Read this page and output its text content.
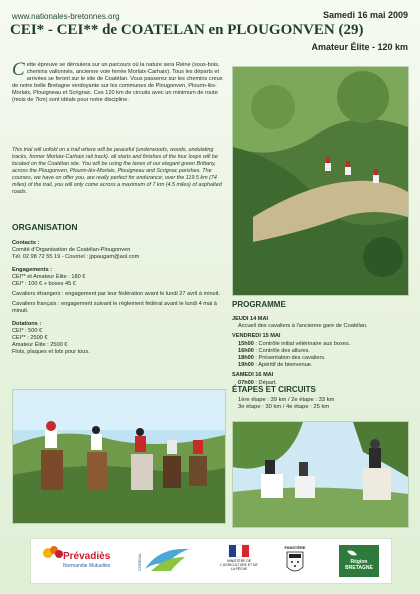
www.nationales-bretonnes.org	Samedi 16 mai 2009
CEI* - CEI** de COATELAN en PLOUGONVEN (29)
Amateur Élite - 120 km
Cette épreuve se déroulera sur un parcours où la nature sera Reine (sous-bois, chemins vallonnés, ancienne voie ferrée Morlaix-Carhaix). Tous les départs et arrivées se feront sur le site de Coatélan. Vous passerez sur les chemins creux de notre belle Bretagne verdoyante sur les communes de Plougonven, Plourin-lès-Morlaix, Plouigneau et Scrignac. Ces 120 km de circuits avec un minimum de route (mois de 7km) sont idéals pour notre discipline.
This trial will unfold on a trail where will be peaceful (underwoods, woods, undulating tracks, former Morlaix-Carhaix rail track). all starts and finishes of the four loops will be located on the Coatélan site. You will be using the lanes of our elegant green Brittany, across the Plougonven, Plourin-lès-Morlaix, Plouigneau and Scrignac parishes. The courses, we have on offer you, are really perfect for endurance; over the 119.5 km (74 miles) of the trail, you will only come across a maximum of 7 km (4.5 miles) of asphalted roads.
ORGANISATION
Contacts :
Comité d'Organisation de Coatélan-Plougonven
Tél. 02 98 72 55 19 - Courriel : jppaugam@aol.com
Engagements :
CEI** et Amateur Élite : 180 €
CEI* : 100 € + boxes 45 €
Cavaliers étrangers : engagement par leur fédération avant le lundi 27 avril à minuit.
Cavaliers français : engagement suivant le règlement fédéral avant le lundi 4 mai à minuit.
Dotations :
CEI* : 500 €
CEI** : 2500 €
Amateur Élite : 2500 €
Flots, plaques et lots pour tous.
PROGRAMME
JEUDI 14 MAI
Accueil des cavaliers à l'ancienne gare de Coatélan.
VENDREDI 15 MAI
15h00 : Contrôle initial vétérinaire aux boxes.
16h00 : Contrôle des allures.
18h00 : Présentation des cavaliers.
19h00 : Apéritif de bienvenue.
SAMEDI 16 MAI
07h00 : Départ.
ÉTAPES ET CIRCUITS
1ère étape : 39 km / 2e étape : 33 km
3e étape : 30 km / 4e étape : 25 km
Prévadiès
Normandie Mutuelles	COREMA	MINISTÈRE DE L'AGRICULTURE ET DE LA PÊCHE
FINISTÈRE
Région BRETAGNE
